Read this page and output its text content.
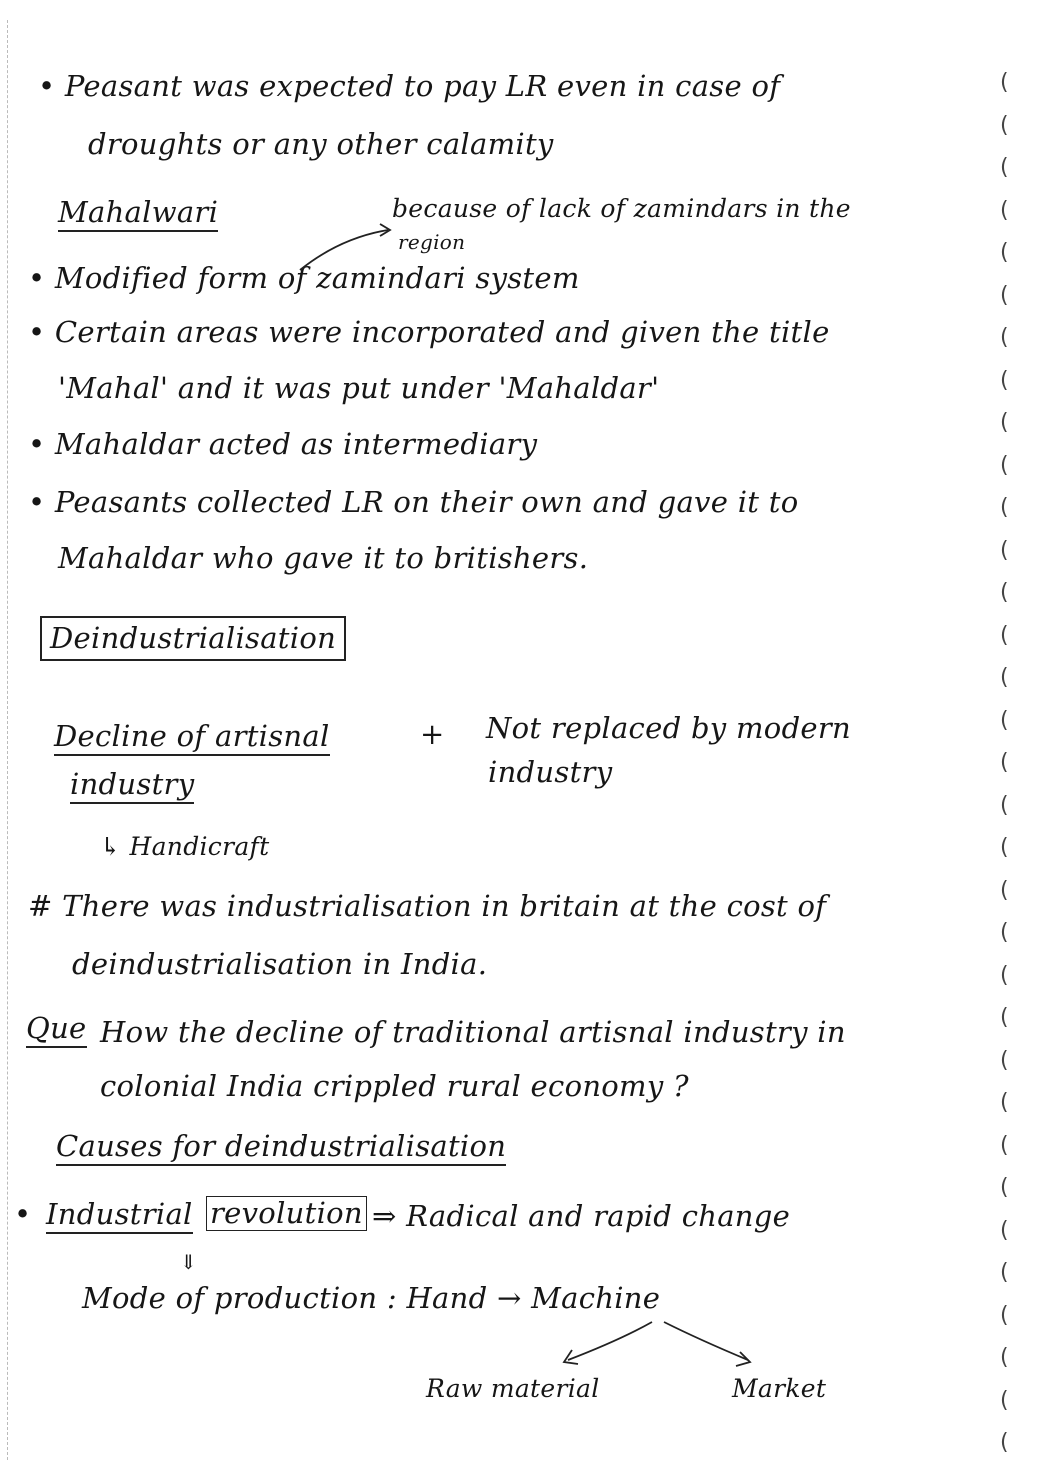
• Peasant was expected to pay LR even in case of
droughts or any other calamity
Mahalwari	because of lack of zamindars in the
region
• Modified form of zamindari system
• Certain areas were incorporated and given the title
'Mahal' and it was put under 'Mahaldar'
• Mahaldar acted as intermediary
• Peasants collected LR on their own and gave it to
Mahaldar who gave it to britishers.
Deindustrialisation
Decline of artisnal
industry
+ Not replaced by modern
industry
↳ Handicraft
# There was industrialisation in britain at the cost of
deindustrialisation in India.
Que How the decline of traditional artisnal industry in
colonial India crippled rural economy ?
Causes for deindustrialisation
• Industrial revolution ⇒ Radical and rapid change
⇓
Mode of production : Hand → Machine
Raw material	Market
(
(
(
(
(
(
(
(
(
(
(
(
(
(
(
(
(
(
(
(
(
(
(
(
(
(
(
(
(
(
(
(
(
